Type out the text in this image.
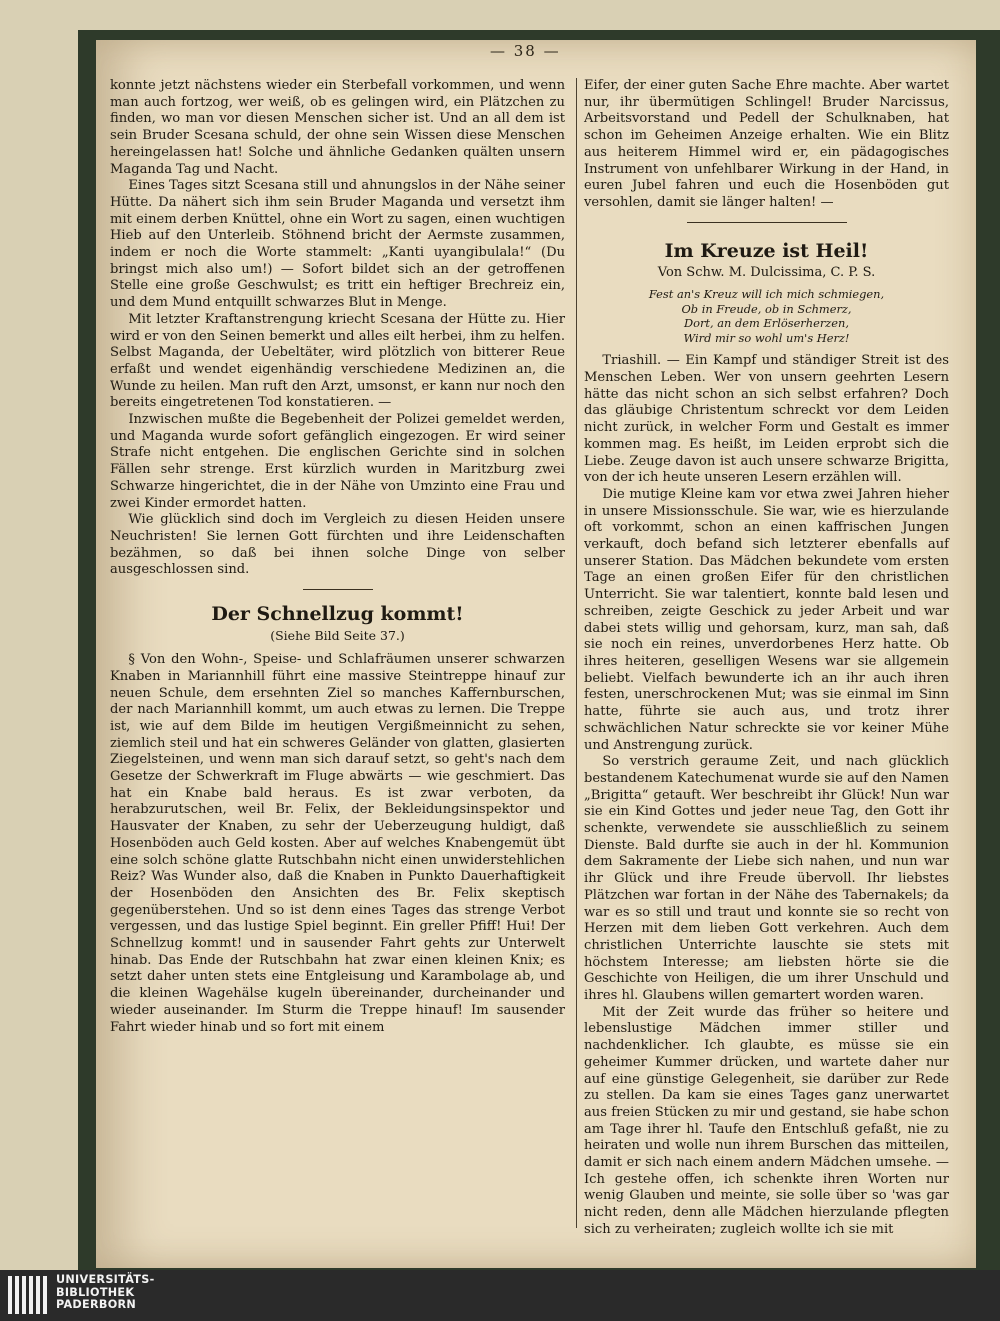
— 38 —

konnte jetzt nächstens wieder ein Sterbefall vorkommen, und wenn man auch fortzog, wer weiß, ob es gelingen wird, ein Plätzchen zu finden, wo man vor diesen Menschen sicher ist. Und an all dem ist sein Bruder Scesana schuld, der ohne sein Wissen diese Menschen hereingelassen hat! Solche und ähnliche Gedanken quälten unsern Maganda Tag und Nacht.

Eines Tages sitzt Scesana still und ahnungslos in der Nähe seiner Hütte. Da nähert sich ihm sein Bruder Maganda und versetzt ihm mit einem derben Knüttel, ohne ein Wort zu sagen, einen wuchtigen Hieb auf den Unterleib. Stöhnend bricht der Aermste zusammen, indem er noch die Worte stammelt: „Kanti uyangibulala!“ (Du bringst mich also um!) — Sofort bildet sich an der getroffenen Stelle eine große Geschwulst; es tritt ein heftiger Brechreiz ein, und dem Mund entquillt schwarzes Blut in Menge.

Mit letzter Kraftanstrengung kriecht Scesana der Hütte zu. Hier wird er von den Seinen bemerkt und alles eilt herbei, ihm zu helfen. Selbst Maganda, der Uebeltäter, wird plötzlich von bitterer Reue erfaßt und wendet eigenhändig verschiedene Medizinen an, die Wunde zu heilen. Man ruft den Arzt, umsonst, er kann nur noch den bereits eingetretenen Tod konstatieren. —

Inzwischen mußte die Begebenheit der Polizei gemeldet werden, und Maganda wurde sofort gefänglich eingezogen. Er wird seiner Strafe nicht entgehen. Die englischen Gerichte sind in solchen Fällen sehr strenge. Erst kürzlich wurden in Maritzburg zwei Schwarze hingerichtet, die in der Nähe von Umzinto eine Frau und zwei Kinder ermordet hatten.

Wie glücklich sind doch im Vergleich zu diesen Heiden unsere Neuchristen! Sie lernen Gott fürchten und ihre Leidenschaften bezähmen, so daß bei ihnen solche Dinge von selber ausgeschlossen sind.

Der Schnellzug kommt!
(Siehe Bild Seite 37.)

§ Von den Wohn-, Speise- und Schlafräumen unserer schwarzen Knaben in Mariannhill führt eine massive Steintreppe hinauf zur neuen Schule, dem ersehnten Ziel so manches Kaffernburschen, der nach Mariannhill kommt, um auch etwas zu lernen. Die Treppe ist, wie auf dem Bilde im heutigen Vergißmeinnicht zu sehen, ziemlich steil und hat ein schweres Geländer von glatten, glasierten Ziegelsteinen, und wenn man sich darauf setzt, so geht's nach dem Gesetze der Schwerkraft im Fluge abwärts — wie geschmiert. Das hat ein Knabe bald heraus. Es ist zwar verboten, da herabzurutschen, weil Br. Felix, der Bekleidungsinspektor und Hausvater der Knaben, zu sehr der Ueberzeugung huldigt, daß Hosenböden auch Geld kosten. Aber auf welches Knabengemüt übt eine solch schöne glatte Rutschbahn nicht einen unwiderstehlichen Reiz? Was Wunder also, daß die Knaben in Punkto Dauerhaftigkeit der Hosenböden den Ansichten des Br. Felix skeptisch gegenüberstehen. Und so ist denn eines Tages das strenge Verbot vergessen, und das lustige Spiel beginnt. Ein greller Pfiff! Hui! Der Schnellzug kommt! und in sausender Fahrt gehts zur Unterwelt hinab. Das Ende der Rutschbahn hat zwar einen kleinen Knix; es setzt daher unten stets eine Entgleisung und Karambolage ab, und die kleinen Wagehälse kugeln übereinander, durcheinander und wieder auseinander. Im Sturm die Treppe hinauf! Im sausender Fahrt wieder hinab und so fort mit einem

Eifer, der einer guten Sache Ehre machte. Aber wartet nur, ihr übermütigen Schlingel! Bruder Narcissus, Arbeitsvorstand und Pedell der Schulknaben, hat schon im Geheimen Anzeige erhalten. Wie ein Blitz aus heiterem Himmel wird er, ein pädagogisches Instrument von unfehlbarer Wirkung in der Hand, in euren Jubel fahren und euch die Hosenböden gut versohlen, damit sie länger halten! —

Im Kreuze ist Heil!
Von Schw. M. Dulcissima, C. P. S.
Fest an's Kreuz will ich mich schmiegen,
Ob in Freude, ob in Schmerz,
Dort, an dem Erlöserherzen,
Wird mir so wohl um's Herz!

Triashill. — Ein Kampf und ständiger Streit ist des Menschen Leben. Wer von unsern geehrten Lesern hätte das nicht schon an sich selbst erfahren? Doch das gläubige Christentum schreckt vor dem Leiden nicht zurück, in welcher Form und Gestalt es immer kommen mag. Es heißt, im Leiden erprobt sich die Liebe. Zeuge davon ist auch unsere schwarze Brigitta, von der ich heute unseren Lesern erzählen will.

Die mutige Kleine kam vor etwa zwei Jahren hieher in unsere Missionsschule. Sie war, wie es hierzulande oft vorkommt, schon an einen kaffrischen Jungen verkauft, doch befand sich letzterer ebenfalls auf unserer Station. Das Mädchen bekundete vom ersten Tage an einen großen Eifer für den christlichen Unterricht. Sie war talentiert, konnte bald lesen und schreiben, zeigte Geschick zu jeder Arbeit und war dabei stets willig und gehorsam, kurz, man sah, daß sie noch ein reines, unverdorbenes Herz hatte. Ob ihres heiteren, geselligen Wesens war sie allgemein beliebt. Vielfach bewunderte ich an ihr auch ihren festen, unerschrockenen Mut; was sie einmal im Sinn hatte, führte sie auch aus, und trotz ihrer schwächlichen Natur schreckte sie vor keiner Mühe und Anstrengung zurück.

So verstrich geraume Zeit, und nach glücklich bestandenem Katechumenat wurde sie auf den Namen „Brigitta“ getauft. Wer beschreibt ihr Glück! Nun war sie ein Kind Gottes und jeder neue Tag, den Gott ihr schenkte, verwendete sie ausschließlich zu seinem Dienste. Bald durfte sie auch in der hl. Kommunion dem Sakramente der Liebe sich nahen, und nun war ihr Glück und ihre Freude übervoll. Ihr liebstes Plätzchen war fortan in der Nähe des Tabernakels; da war es so still und traut und konnte sie so recht von Herzen mit dem lieben Gott verkehren. Auch dem christlichen Unterrichte lauschte sie stets mit höchstem Interesse; am liebsten hörte sie die Geschichte von Heiligen, die um ihrer Unschuld und ihres hl. Glaubens willen gemartert worden waren.

Mit der Zeit wurde das früher so heitere und lebenslustige Mädchen immer stiller und nachdenklicher. Ich glaubte, es müsse sie ein geheimer Kummer drücken, und wartete daher nur auf eine günstige Gelegenheit, sie darüber zur Rede zu stellen. Da kam sie eines Tages ganz unerwartet aus freien Stücken zu mir und gestand, sie habe schon am Tage ihrer hl. Taufe den Entschluß gefaßt, nie zu heiraten und wolle nun ihrem Burschen das mitteilen, damit er sich nach einem andern Mädchen umsehe. — Ich gestehe offen, ich schenkte ihren Worten nur wenig Glauben und meinte, sie solle über so 'was gar nicht reden, denn alle Mädchen hierzulande pflegten sich zu verheiraten; zugleich wollte ich sie mit

UNIVERSITÄTS-
BIBLIOTHEK
PADERBORN
